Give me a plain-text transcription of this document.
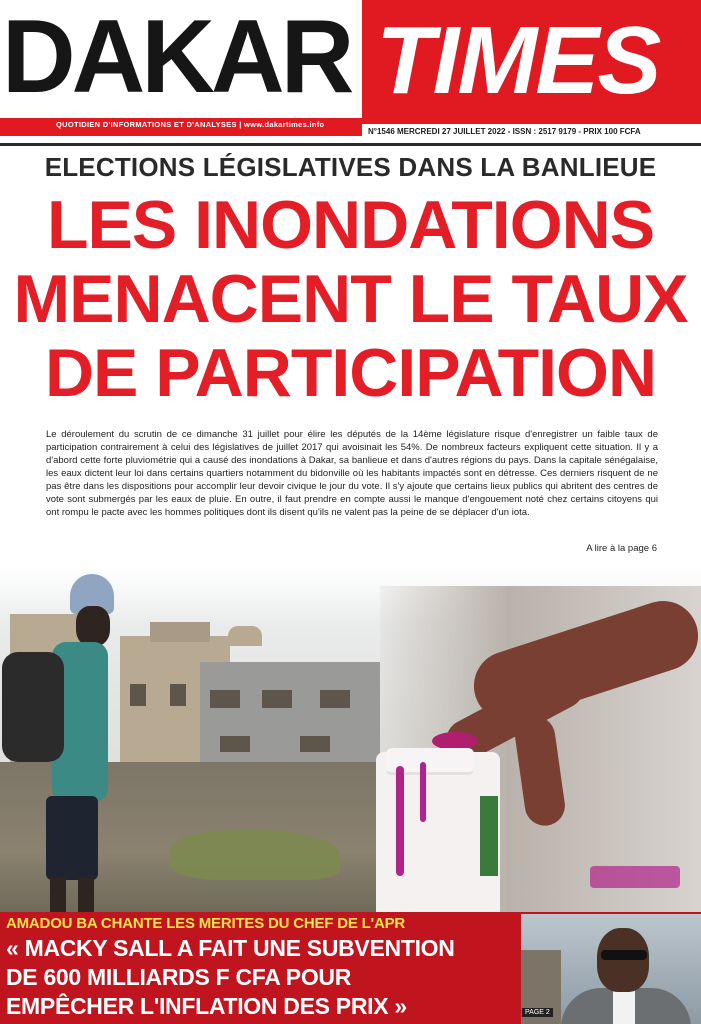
DAKAR TIMES
QUOTIDIEN D'INFORMATIONS ET D'ANALYSES | www.dakartimes.info
N°1546 MERCREDI 27 JUILLET 2022 - ISSN : 2517 9179 - PRIX 100 FCFA
ELECTIONS LÉGISLATIVES DANS LA BANLIEUE
LES INONDATIONS
MENACENT LE TAUX
DE PARTICIPATION
Le déroulement du scrutin de ce dimanche 31 juillet pour élire les députés de la 14ème législature risque d'enregistrer un faible taux de participation contrairement à celui des législatives de juillet 2017 qui avoisinait les 54%. De nombreux facteurs expliquent cette situation. Il y a d'abord cette forte pluviométrie qui a causé des inondations à Dakar, sa banlieue et dans d'autres régions du pays. Dans la capitale sénégalaise, les eaux dictent leur loi dans certains quartiers notamment du bidonville où les habitants impactés sont en détresse. Ces derniers risquent de ne pas être dans les dispositions pour accomplir leur devoir civique le jour du vote. Il s'y ajoute que certains lieux publics qui abritent des centres de vote sont submergés par les eaux de pluie. En outre, il faut prendre en compte aussi le manque d'engouement noté chez certains citoyens qui ont rompu le pacte avec les hommes politiques dont ils disent qu'ils ne valent pas la peine de se déplacer d'un iota.
A lire à la page 6
AMADOU BA CHANTE LES MERITES DU CHEF DE L'APR
« MACKY SALL A FAIT UNE SUBVENTION
DE 600 MILLIARDS F CFA POUR
EMPÊCHER L'INFLATION DES PRIX »	PAGE 2
